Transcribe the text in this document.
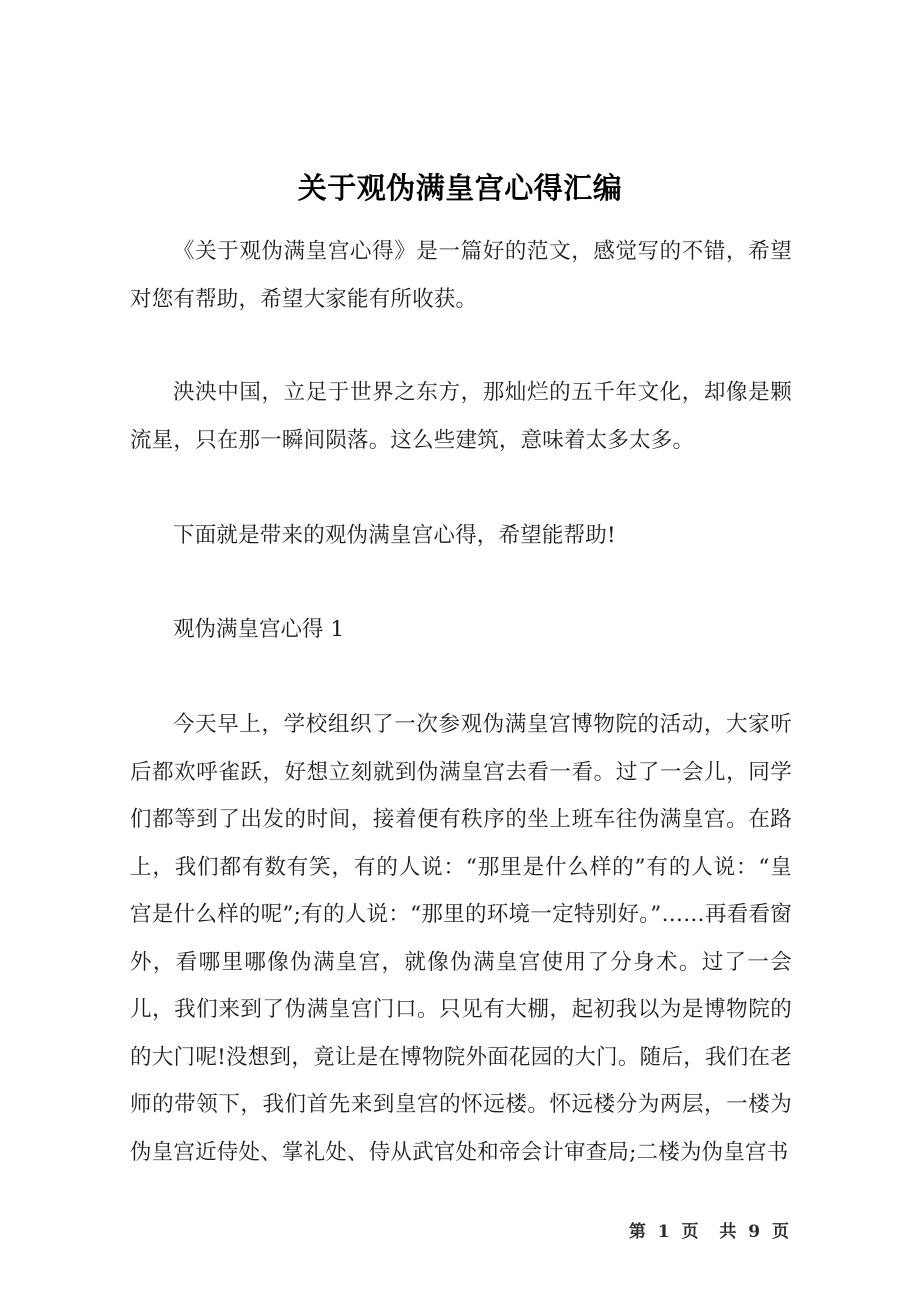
关于观伪满皇宫心得汇编

《关于观伪满皇宫心得》是一篇好的范文，感觉写的不错，希望对您有帮助，希望大家能有所收获。

泱泱中国，立足于世界之东方，那灿烂的五千年文化，却像是颗流星，只在那一瞬间陨落。这么些建筑，意味着太多太多。

下面就是带来的观伪满皇宫心得，希望能帮助!

观伪满皇宫心得 1

今天早上，学校组织了一次参观伪满皇宫博物院的活动，大家听后都欢呼雀跃，好想立刻就到伪满皇宫去看一看。过了一会儿，同学们都等到了出发的时间，接着便有秩序的坐上班车往伪满皇宫。在路上，我们都有数有笑，有的人说：“那里是什么样的”有的人说：“皇宫是什么样的呢”;有的人说：“那里的环境一定特别好。”……再看看窗外，看哪里哪像伪满皇宫，就像伪满皇宫使用了分身术。过了一会儿，我们来到了伪满皇宫门口。只见有大棚，起初我以为是博物院的的大门呢!没想到，竟让是在博物院外面花园的大门。随后，我们在老师的带领下，我们首先来到皇宫的怀远楼。怀远楼分为两层，一楼为伪皇宫近侍处、掌礼处、侍从武官处和帝会计审查局;二楼为伪皇宫书

第 1 页  共 9 页
